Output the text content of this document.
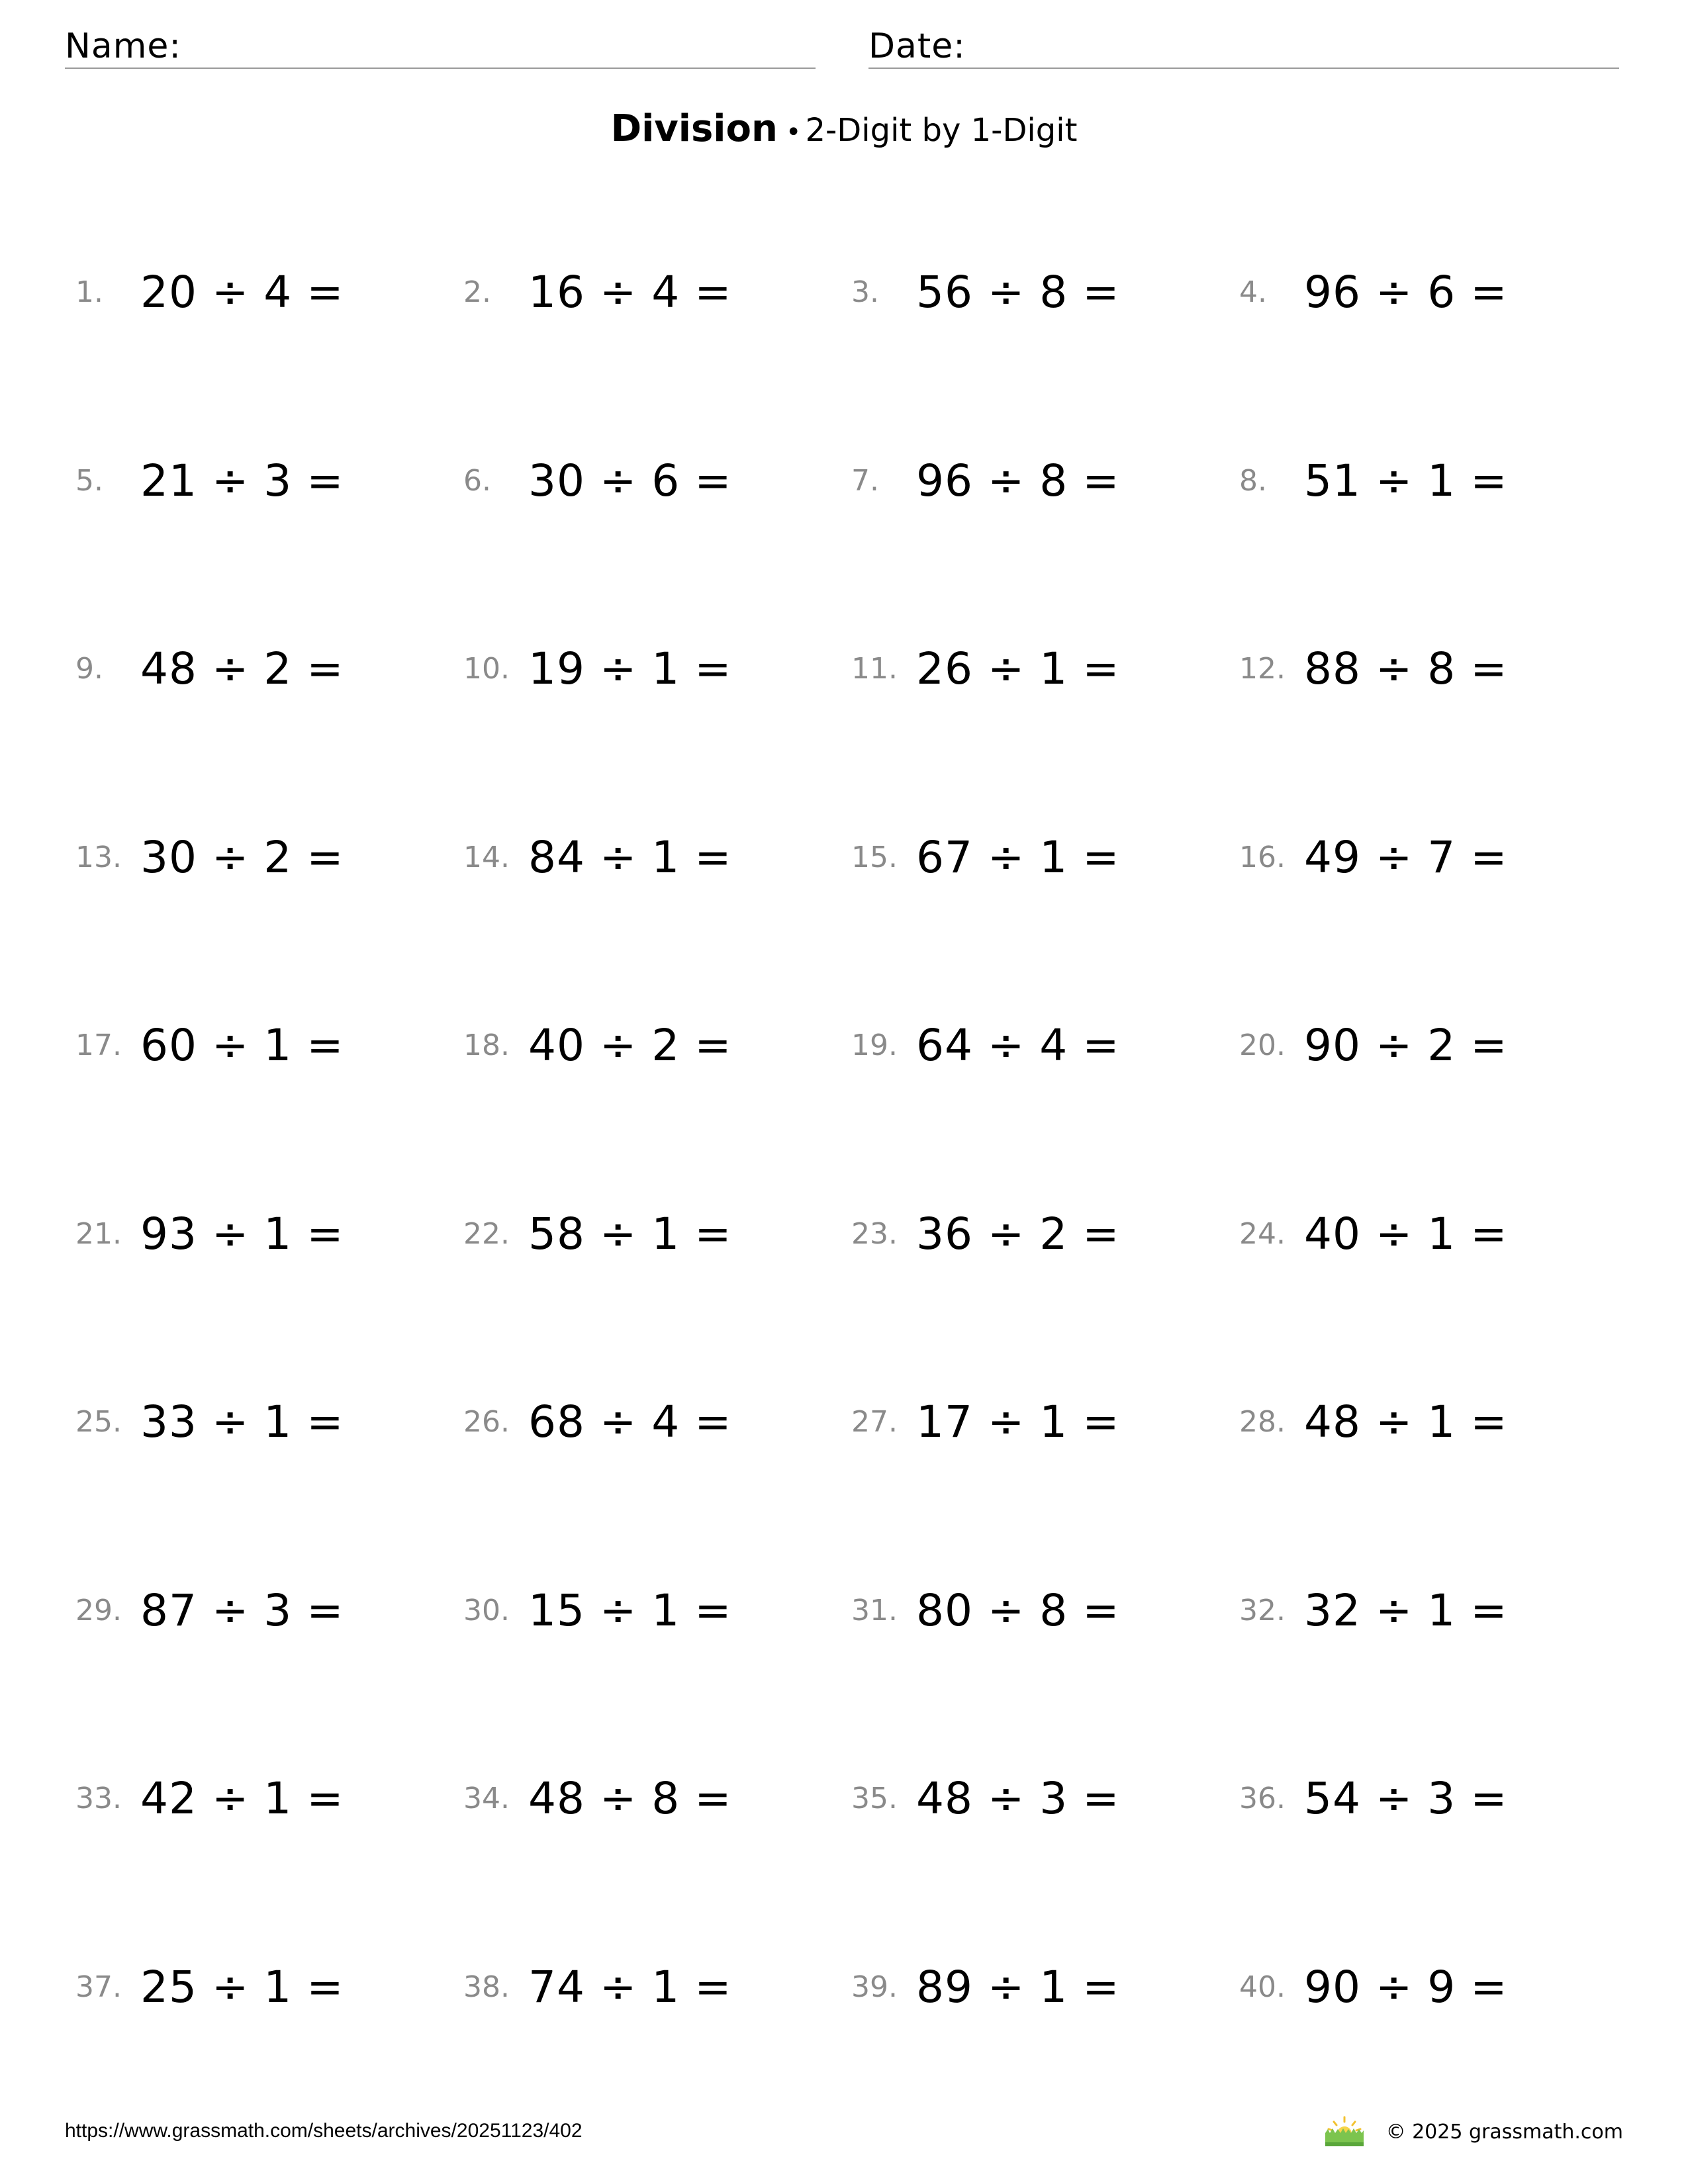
Name:	Date:
Division • 2-Digit by 1-Digit
1. 20 ÷ 4 =	2. 16 ÷ 4 =	3. 56 ÷ 8 =	4. 96 ÷ 6 =
5. 21 ÷ 3 =	6. 30 ÷ 6 =	7. 96 ÷ 8 =	8. 51 ÷ 1 =
9. 48 ÷ 2 =	10. 19 ÷ 1 =	11. 26 ÷ 1 =	12. 88 ÷ 8 =
13. 30 ÷ 2 =	14. 84 ÷ 1 =	15. 67 ÷ 1 =	16. 49 ÷ 7 =
17. 60 ÷ 1 =	18. 40 ÷ 2 =	19. 64 ÷ 4 =	20. 90 ÷ 2 =
21. 93 ÷ 1 =	22. 58 ÷ 1 =	23. 36 ÷ 2 =	24. 40 ÷ 1 =
25. 33 ÷ 1 =	26. 68 ÷ 4 =	27. 17 ÷ 1 =	28. 48 ÷ 1 =
29. 87 ÷ 3 =	30. 15 ÷ 1 =	31. 80 ÷ 8 =	32. 32 ÷ 1 =
33. 42 ÷ 1 =	34. 48 ÷ 8 =	35. 48 ÷ 3 =	36. 54 ÷ 3 =
37. 25 ÷ 1 =	38. 74 ÷ 1 =	39. 89 ÷ 1 =	40. 90 ÷ 9 =
https://www.grassmath.com/sheets/archives/20251123/402	© 2025 grassmath.com
